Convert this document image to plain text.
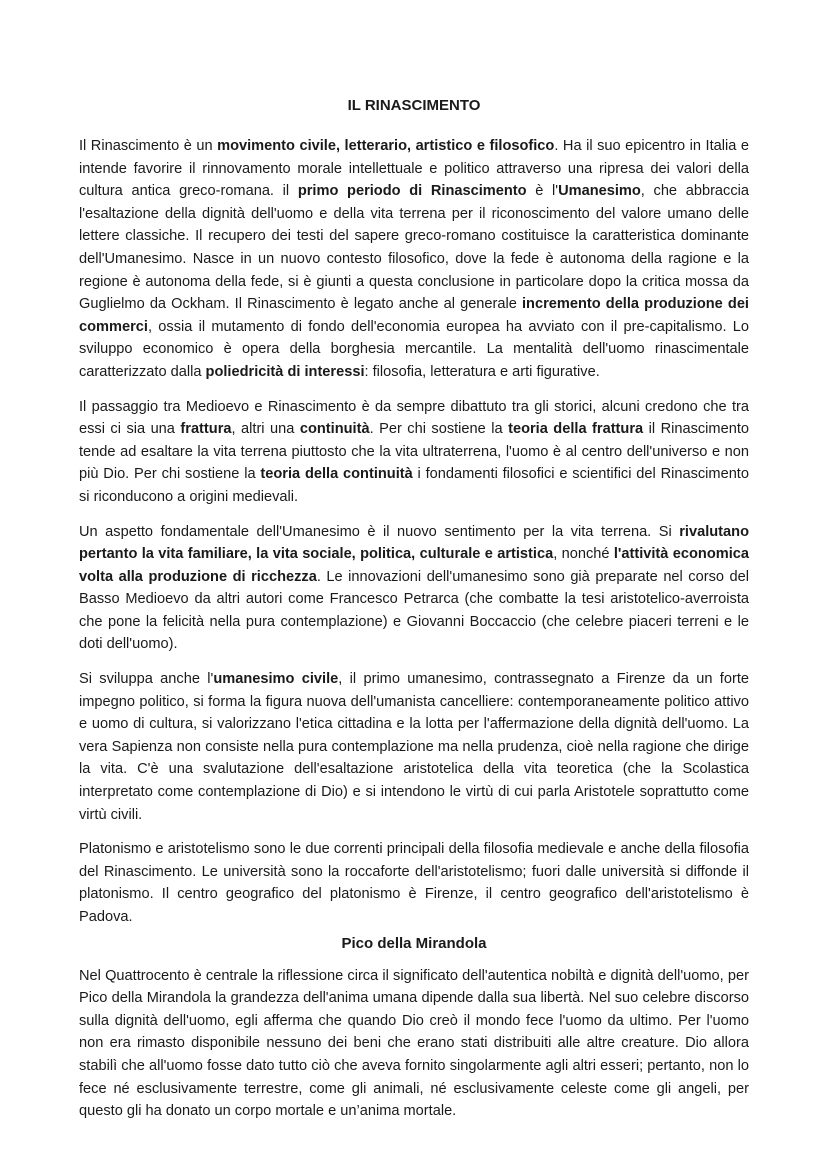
IL RINASCIMENTO

Il Rinascimento è un movimento civile, letterario, artistico e filosofico. Ha il suo epicentro in Italia e intende favorire il rinnovamento morale intellettuale e politico attraverso una ripresa dei valori della cultura antica greco-romana. il primo periodo di Rinascimento è l'Umanesimo, che abbraccia l'esaltazione della dignità dell'uomo e della vita terrena per il riconoscimento del valore umano delle lettere classiche. Il recupero dei testi del sapere greco-romano costituisce la caratteristica dominante dell'Umanesimo. Nasce in un nuovo contesto filosofico, dove la fede è autonoma della ragione e la regione è autonoma della fede, si è giunti a questa conclusione in particolare dopo la critica mossa da Guglielmo da Ockham. Il Rinascimento è legato anche al generale incremento della produzione dei commerci, ossia il mutamento di fondo dell'economia europea ha avviato con il pre-capitalismo. Lo sviluppo economico è opera della borghesia mercantile. La mentalità dell'uomo rinascimentale caratterizzato dalla poliedricità di interessi: filosofia, letteratura e arti figurative.

Il passaggio tra Medioevo e Rinascimento è da sempre dibattuto tra gli storici, alcuni credono che tra essi ci sia una frattura, altri una continuità. Per chi sostiene la teoria della frattura il Rinascimento tende ad esaltare la vita terrena piuttosto che la vita ultraterrena, l'uomo è al centro dell'universo e non più Dio. Per chi sostiene la teoria della continuità i fondamenti filosofici e scientifici del Rinascimento si riconducono a origini medievali.

Un aspetto fondamentale dell'Umanesimo è il nuovo sentimento per la vita terrena. Si rivalutano pertanto la vita familiare, la vita sociale, politica, culturale e artistica, nonché l'attività economica volta alla produzione di ricchezza. Le innovazioni dell'umanesimo sono già preparate nel corso del Basso Medioevo da altri autori come Francesco Petrarca (che combatte la tesi aristotelico-averroista che pone la felicità nella pura contemplazione) e Giovanni Boccaccio (che celebre piaceri terreni e le doti dell'uomo).

Si sviluppa anche l'umanesimo civile, il primo umanesimo, contrassegnato a Firenze da un forte impegno politico, si forma la figura nuova dell'umanista cancelliere: contemporaneamente politico attivo e uomo di cultura, si valorizzano l'etica cittadina e la lotta per l'affermazione della dignità dell'uomo. La vera Sapienza non consiste nella pura contemplazione ma nella prudenza, cioè nella ragione che dirige la vita. C'è una svalutazione dell'esaltazione aristotelica della vita teoretica (che la Scolastica interpretato come contemplazione di Dio) e si intendono le virtù di cui parla Aristotele soprattutto come virtù civili.

Platonismo e aristotelismo sono le due correnti principali della filosofia medievale e anche della filosofia del Rinascimento. Le università sono la roccaforte dell'aristotelismo; fuori dalle università si diffonde il platonismo. Il centro geografico del platonismo è Firenze, il centro geografico dell'aristotelismo è Padova.

Pico della Mirandola

Nel Quattrocento è centrale la riflessione circa il significato dell'autentica nobiltà e dignità dell'uomo, per Pico della Mirandola la grandezza dell'anima umana dipende dalla sua libertà. Nel suo celebre discorso sulla dignità dell'uomo, egli afferma che quando Dio creò il mondo fece l'uomo da ultimo. Per l'uomo non era rimasto disponibile nessuno dei beni che erano stati distribuiti alle altre creature. Dio allora stabilì che all'uomo fosse dato tutto ciò che aveva fornito singolarmente agli altri esseri; pertanto, non lo fece né esclusivamente terrestre, come gli animali, né esclusivamente celeste come gli angeli, per questo gli ha donato un corpo mortale e un’anima mortale.
